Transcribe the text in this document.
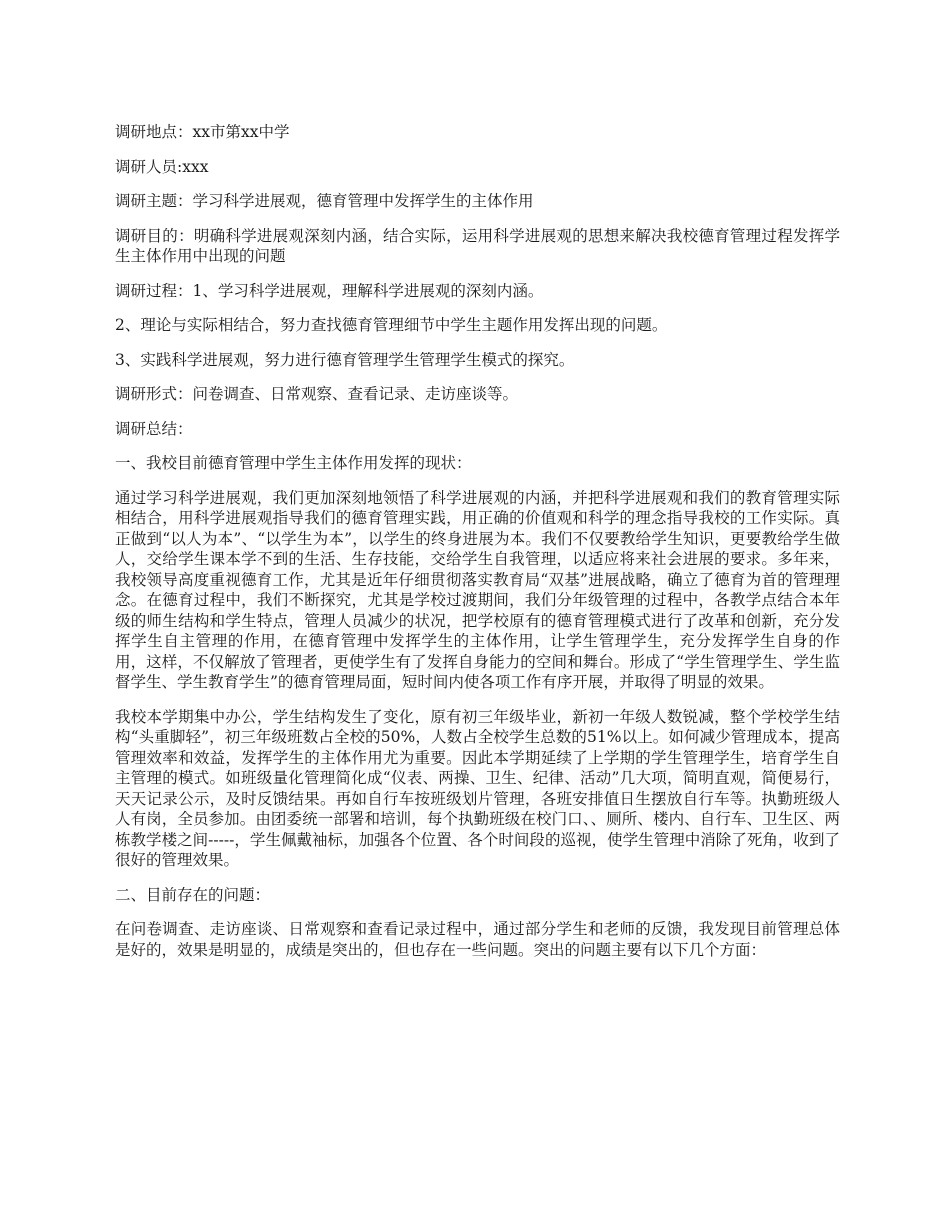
调研地点：xx市第xx中学

调研人员:xxx

调研主题：学习科学进展观，德育管理中发挥学生的主体作用

调研目的：明确科学进展观深刻内涵，结合实际，运用科学进展观的思想来解决我校德育管理过程发挥学生主体作用中出现的问题

调研过程：1、学习科学进展观，理解科学进展观的深刻内涵。

2、理论与实际相结合，努力查找德育管理细节中学生主题作用发挥出现的问题。

3、实践科学进展观，努力进行德育管理学生管理学生模式的探究。

调研形式：问卷调查、日常观察、查看记录、走访座谈等。

调研总结：

一、我校目前德育管理中学生主体作用发挥的现状：

通过学习科学进展观，我们更加深刻地领悟了科学进展观的内涵，并把科学进展观和我们的教育管理实际相结合，用科学进展观指导我们的德育管理实践，用正确的价值观和科学的理念指导我校的工作实际。真正做到“以人为本”、“以学生为本”，以学生的终身进展为本。我们不仅要教给学生知识，更要教给学生做人，交给学生课本学不到的生活、生存技能，交给学生自我管理，以适应将来社会进展的要求。多年来，我校领导高度重视德育工作，尤其是近年仔细贯彻落实教育局“双基”进展战略，确立了德育为首的管理理念。在德育过程中，我们不断探究，尤其是学校过渡期间，我们分年级管理的过程中，各教学点结合本年级的师生结构和学生特点，管理人员减少的状况，把学校原有的德育管理模式进行了改革和创新，充分发挥学生自主管理的作用，在德育管理中发挥学生的主体作用，让学生管理学生，充分发挥学生自身的作用，这样，不仅解放了管理者，更使学生有了发挥自身能力的空间和舞台。形成了“学生管理学生、学生监督学生、学生教育学生”的德育管理局面，短时间内使各项工作有序开展，并取得了明显的效果。

我校本学期集中办公，学生结构发生了变化，原有初三年级毕业，新初一年级人数锐减，整个学校学生结构“头重脚轻”，初三年级班数占全校的50%，人数占全校学生总数的51%以上。如何减少管理成本，提高管理效率和效益，发挥学生的主体作用尤为重要。因此本学期延续了上学期的学生管理学生，培育学生自主管理的模式。如班级量化管理简化成“仪表、两操、卫生、纪律、活动”几大项，简明直观，简便易行，天天记录公示，及时反馈结果。再如自行车按班级划片管理，各班安排值日生摆放自行车等。执勤班级人人有岗，全员参加。由团委统一部署和培训，每个执勤班级在校门口、、厕所、楼内、自行车、卫生区、两栋教学楼之间-----，学生佩戴袖标，加强各个位置、各个时间段的巡视，使学生管理中消除了死角，收到了很好的管理效果。

二、目前存在的问题：

在问卷调查、走访座谈、日常观察和查看记录过程中，通过部分学生和老师的反馈，我发现目前管理总体是好的，效果是明显的，成绩是突出的，但也存在一些问题。突出的问题主要有以下几个方面：
